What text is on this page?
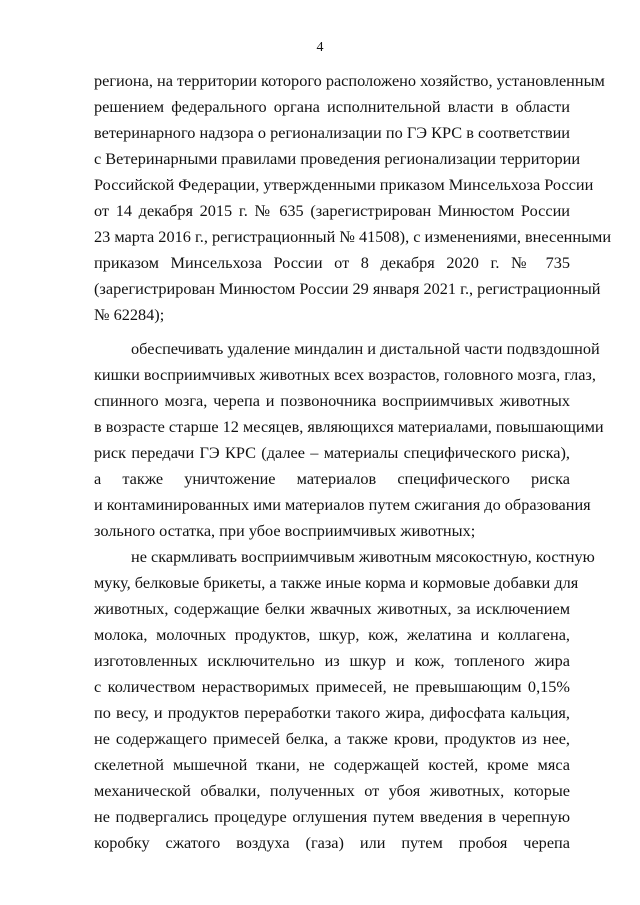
4
региона, на территории которого расположено хозяйство, установленным
решением федерального органа исполнительной власти в области
ветеринарного надзора о регионализации по ГЭ КРС в соответствии
с Ветеринарными правилами проведения регионализации территории
Российской Федерации, утвержденными приказом Минсельхоза России
от 14 декабря 2015 г. № 635 (зарегистрирован Минюстом России
23 марта 2016 г., регистрационный № 41508), с изменениями, внесенными
приказом Минсельхоза России от 8 декабря 2020 г. № 735
(зарегистрирован Минюстом России 29 января 2021 г., регистрационный
№ 62284);
обеспечивать удаление миндалин и дистальной части подвздошной
кишки восприимчивых животных всех возрастов, головного мозга, глаз,
спинного мозга, черепа и позвоночника восприимчивых животных
в возрасте старше 12 месяцев, являющихся материалами, повышающими
риск передачи ГЭ КРС (далее – материалы специфического риска),
а также уничтожение материалов специфического риска
и контаминированных ими материалов путем сжигания до образования
зольного остатка, при убое восприимчивых животных;
не скармливать восприимчивым животным мясокостную, костную
муку, белковые брикеты, а также иные корма и кормовые добавки для
животных, содержащие белки жвачных животных, за исключением
молока, молочных продуктов, шкур, кож, желатина и коллагена,
изготовленных исключительно из шкур и кож, топленого жира
с количеством нерастворимых примесей, не превышающим 0,15%
по весу, и продуктов переработки такого жира, дифосфата кальция,
не содержащего примесей белка, а также крови, продуктов из нее,
скелетной мышечной ткани, не содержащей костей, кроме мяса
механической обвалки, полученных от убоя животных, которые
не подвергались процедуре оглушения путем введения в черепную
коробку сжатого воздуха (газа) или путем пробоя черепа
